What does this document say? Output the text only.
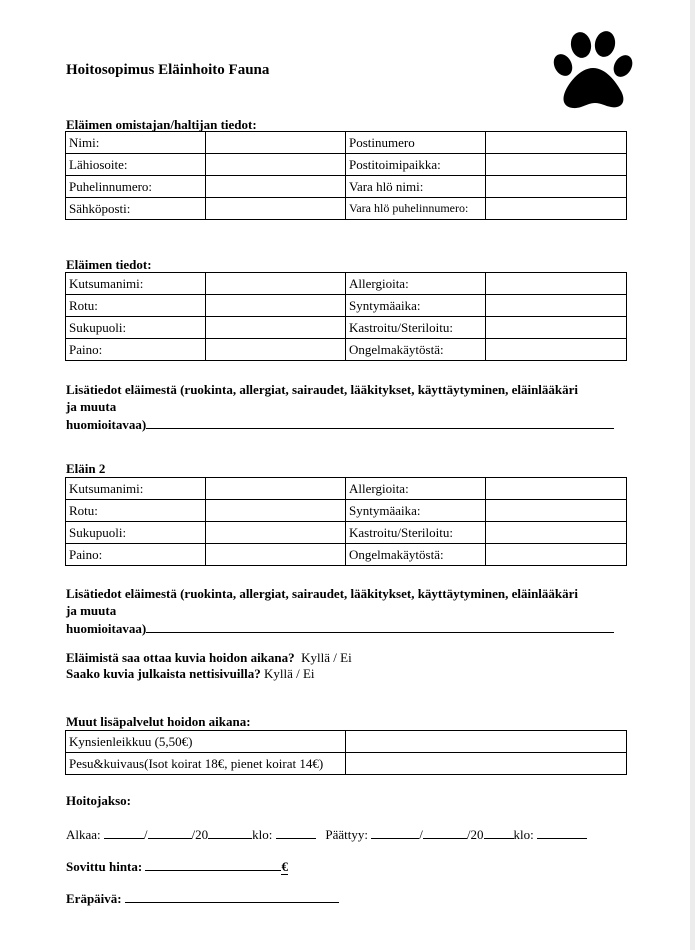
Hoitosopimus Eläinhoito Fauna
Eläimen omistajan/haltijan tiedot:
Nimi:		Postinumero	
Lähiosoite:		Postitoimipaikka:	
Puhelinnumero:		Vara hlö nimi:	
Sähköposti:		Vara hlö puhelinnumero:	
Eläimen tiedot:
Kutsumanimi:		Allergioita:	
Rotu:		Syntymäaika:	
Sukupuoli:		Kastroitu/Steriloitu:	
Paino:		Ongelmakäytöstä:	
Lisätiedot eläimestä (ruokinta, allergiat, sairaudet, lääkitykset, käyttäytyminen, eläinlääkäri
ja muuta
huomioitavaa)
Eläin 2
Kutsumanimi:		Allergioita:	
Rotu:		Syntymäaika:	
Sukupuoli:		Kastroitu/Steriloitu:	
Paino:		Ongelmakäytöstä:	
Lisätiedot eläimestä (ruokinta, allergiat, sairaudet, lääkitykset, käyttäytyminen, eläinlääkäri
ja muuta
huomioitavaa)
Eläimistä saa ottaa kuvia hoidon aikana? Kyllä / Ei
Saako kuvia julkaista nettisivuilla? Kyllä / Ei
Muut lisäpalvelut hoidon aikana:
Kynsienleikkuu (5,50€)	
Pesu&kuivaus(Isot koirat 18€, pienet koirat 14€)	
Hoitojakso:
Alkaa:	/	/20	klo:	Päättyy:	/	/20 klo:
Sovittu hinta:	€
Eräpäivä:
